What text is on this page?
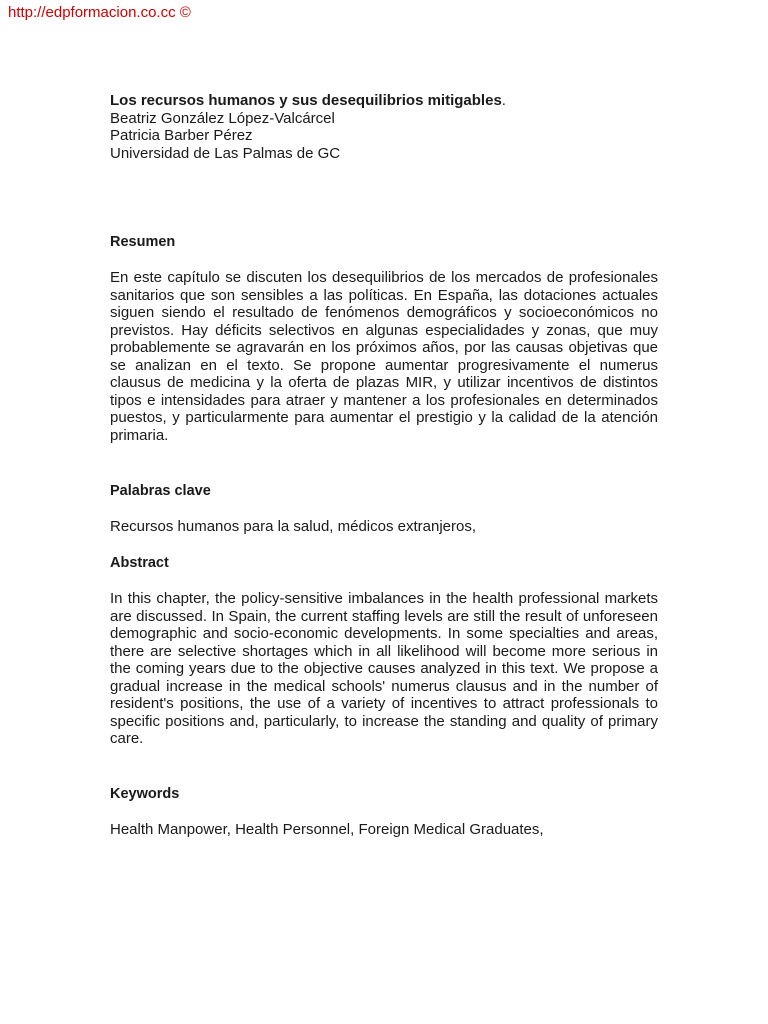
http://edpformacion.co.cc ©
Los recursos humanos y sus desequilibrios mitigables.
Beatriz González López-Valcárcel
Patricia Barber Pérez
Universidad de Las Palmas de GC
Resumen

En este capítulo se discuten los desequilibrios de los mercados de profesionales sanitarios que son sensibles a las políticas. En España, las dotaciones actuales siguen siendo el resultado de fenómenos demográficos y socioeconómicos no previstos. Hay déficits selectivos en algunas especialidades y zonas, que muy probablemente se agravarán en los próximos años, por las causas objetivas que se analizan en el texto. Se propone aumentar progresivamente el numerus clausus de medicina y la oferta de plazas MIR, y utilizar incentivos de distintos tipos e intensidades para atraer y mantener a los profesionales en determinados puestos, y particularmente para aumentar el prestigio y la calidad de la atención primaria.

Palabras clave

Recursos humanos para la salud, médicos extranjeros,

Abstract

In this chapter, the policy-sensitive imbalances in the health professional markets are discussed. In Spain, the current staffing levels are still the result of unforeseen demographic and socio-economic developments. In some specialties and areas, there are selective shortages which in all likelihood will become more serious in the coming years due to the objective causes analyzed in this text. We propose a gradual increase in the medical schools' numerus clausus and in the number of resident's positions, the use of a variety of incentives to attract professionals to specific positions and, particularly, to increase the standing and quality of primary care.

Keywords

Health Manpower, Health Personnel, Foreign Medical Graduates,
